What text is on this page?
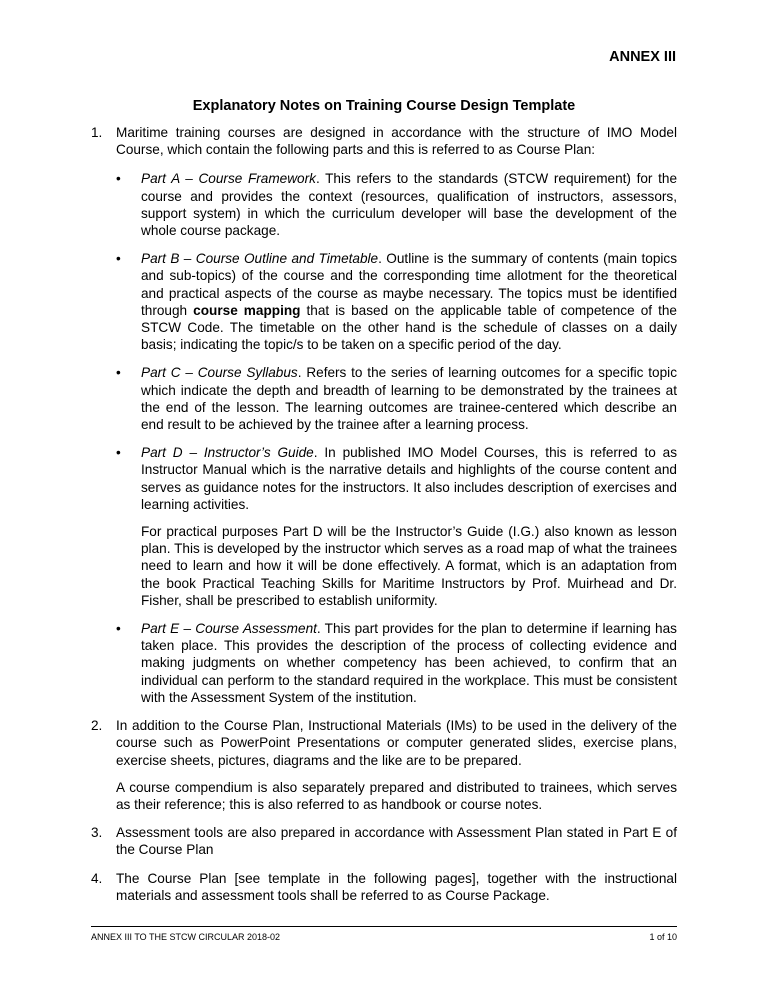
ANNEX III

Explanatory Notes on Training Course Design Template

1. Maritime training courses are designed in accordance with the structure of IMO Model Course, which contain the following parts and this is referred to as Course Plan:

• Part A – Course Framework. This refers to the standards (STCW requirement) for the course and provides the context (resources, qualification of instructors, assessors, support system) in which the curriculum developer will base the development of the whole course package.

• Part B – Course Outline and Timetable. Outline is the summary of contents (main topics and sub-topics) of the course and the corresponding time allotment for the theoretical and practical aspects of the course as maybe necessary. The topics must be identified through course mapping that is based on the applicable table of competence of the STCW Code. The timetable on the other hand is the schedule of classes on a daily basis; indicating the topic/s to be taken on a specific period of the day.

• Part C – Course Syllabus. Refers to the series of learning outcomes for a specific topic which indicate the depth and breadth of learning to be demonstrated by the trainees at the end of the lesson. The learning outcomes are trainee-centered which describe an end result to be achieved by the trainee after a learning process.

• Part D – Instructor’s Guide. In published IMO Model Courses, this is referred to as Instructor Manual which is the narrative details and highlights of the course content and serves as guidance notes for the instructors. It also includes description of exercises and learning activities.

For practical purposes Part D will be the Instructor’s Guide (I.G.) also known as lesson plan. This is developed by the instructor which serves as a road map of what the trainees need to learn and how it will be done effectively. A format, which is an adaptation from the book Practical Teaching Skills for Maritime Instructors by Prof. Muirhead and Dr. Fisher, shall be prescribed to establish uniformity.

• Part E – Course Assessment. This part provides for the plan to determine if learning has taken place. This provides the description of the process of collecting evidence and making judgments on whether competency has been achieved, to confirm that an individual can perform to the standard required in the workplace. This must be consistent with the Assessment System of the institution.

2. In addition to the Course Plan, Instructional Materials (IMs) to be used in the delivery of the course such as PowerPoint Presentations or computer generated slides, exercise plans, exercise sheets, pictures, diagrams and the like are to be prepared.

A course compendium is also separately prepared and distributed to trainees, which serves as their reference; this is also referred to as handbook or course notes.

3. Assessment tools are also prepared in accordance with Assessment Plan stated in Part E of the Course Plan

4. The Course Plan [see template in the following pages], together with the instructional materials and assessment tools shall be referred to as Course Package.

ANNEX III TO THE STCW CIRCULAR 2018-02	1 of 10
